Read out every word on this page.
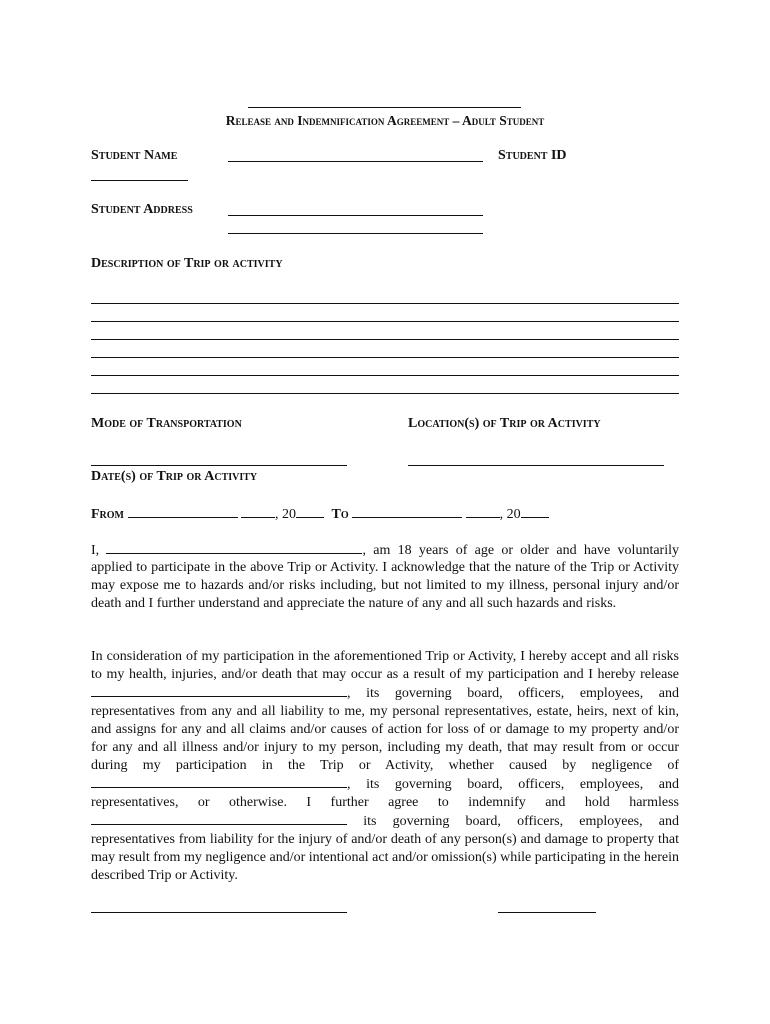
Release and Indemnification Agreement – Adult Student
Student Name	Student ID
Student Address
Description of Trip or activity
Mode of Transportation	Location(s) of Trip or Activity
Date(s) of Trip or Activity
From	, 20	To	, 20
I,	, am 18 years of age or older and have voluntarily
applied to participate in the above Trip or Activity. I acknowledge that the nature of the Trip or Activity may expose me to hazards and/or risks including, but not limited to my illness, personal injury and/or death and I further understand and appreciate the nature of any and all such hazards and risks.
In consideration of my participation in the aforementioned Trip or Activity, I hereby accept and all risks to my health, injuries, and/or death that may occur as a result of my participation and I hereby release , its governing board, officers, employees, and representatives from any and all liability to me, my personal representatives, estate, heirs, next of kin, and assigns for any and all claims and/or causes of action for loss of or damage to my property and/or for any and all illness and/or injury to my person, including my death, that may result from or occur during my participation in the Trip or Activity, whether caused by negligence of , its governing board, officers, employees, and representatives, or otherwise. I further agree to indemnify and hold harmless  its governing board, officers, employees, and representatives from liability for the injury of and/or death of any person(s) and damage to property that may result from my negligence and/or intentional act and/or omission(s) while participating in the herein described Trip or Activity.
